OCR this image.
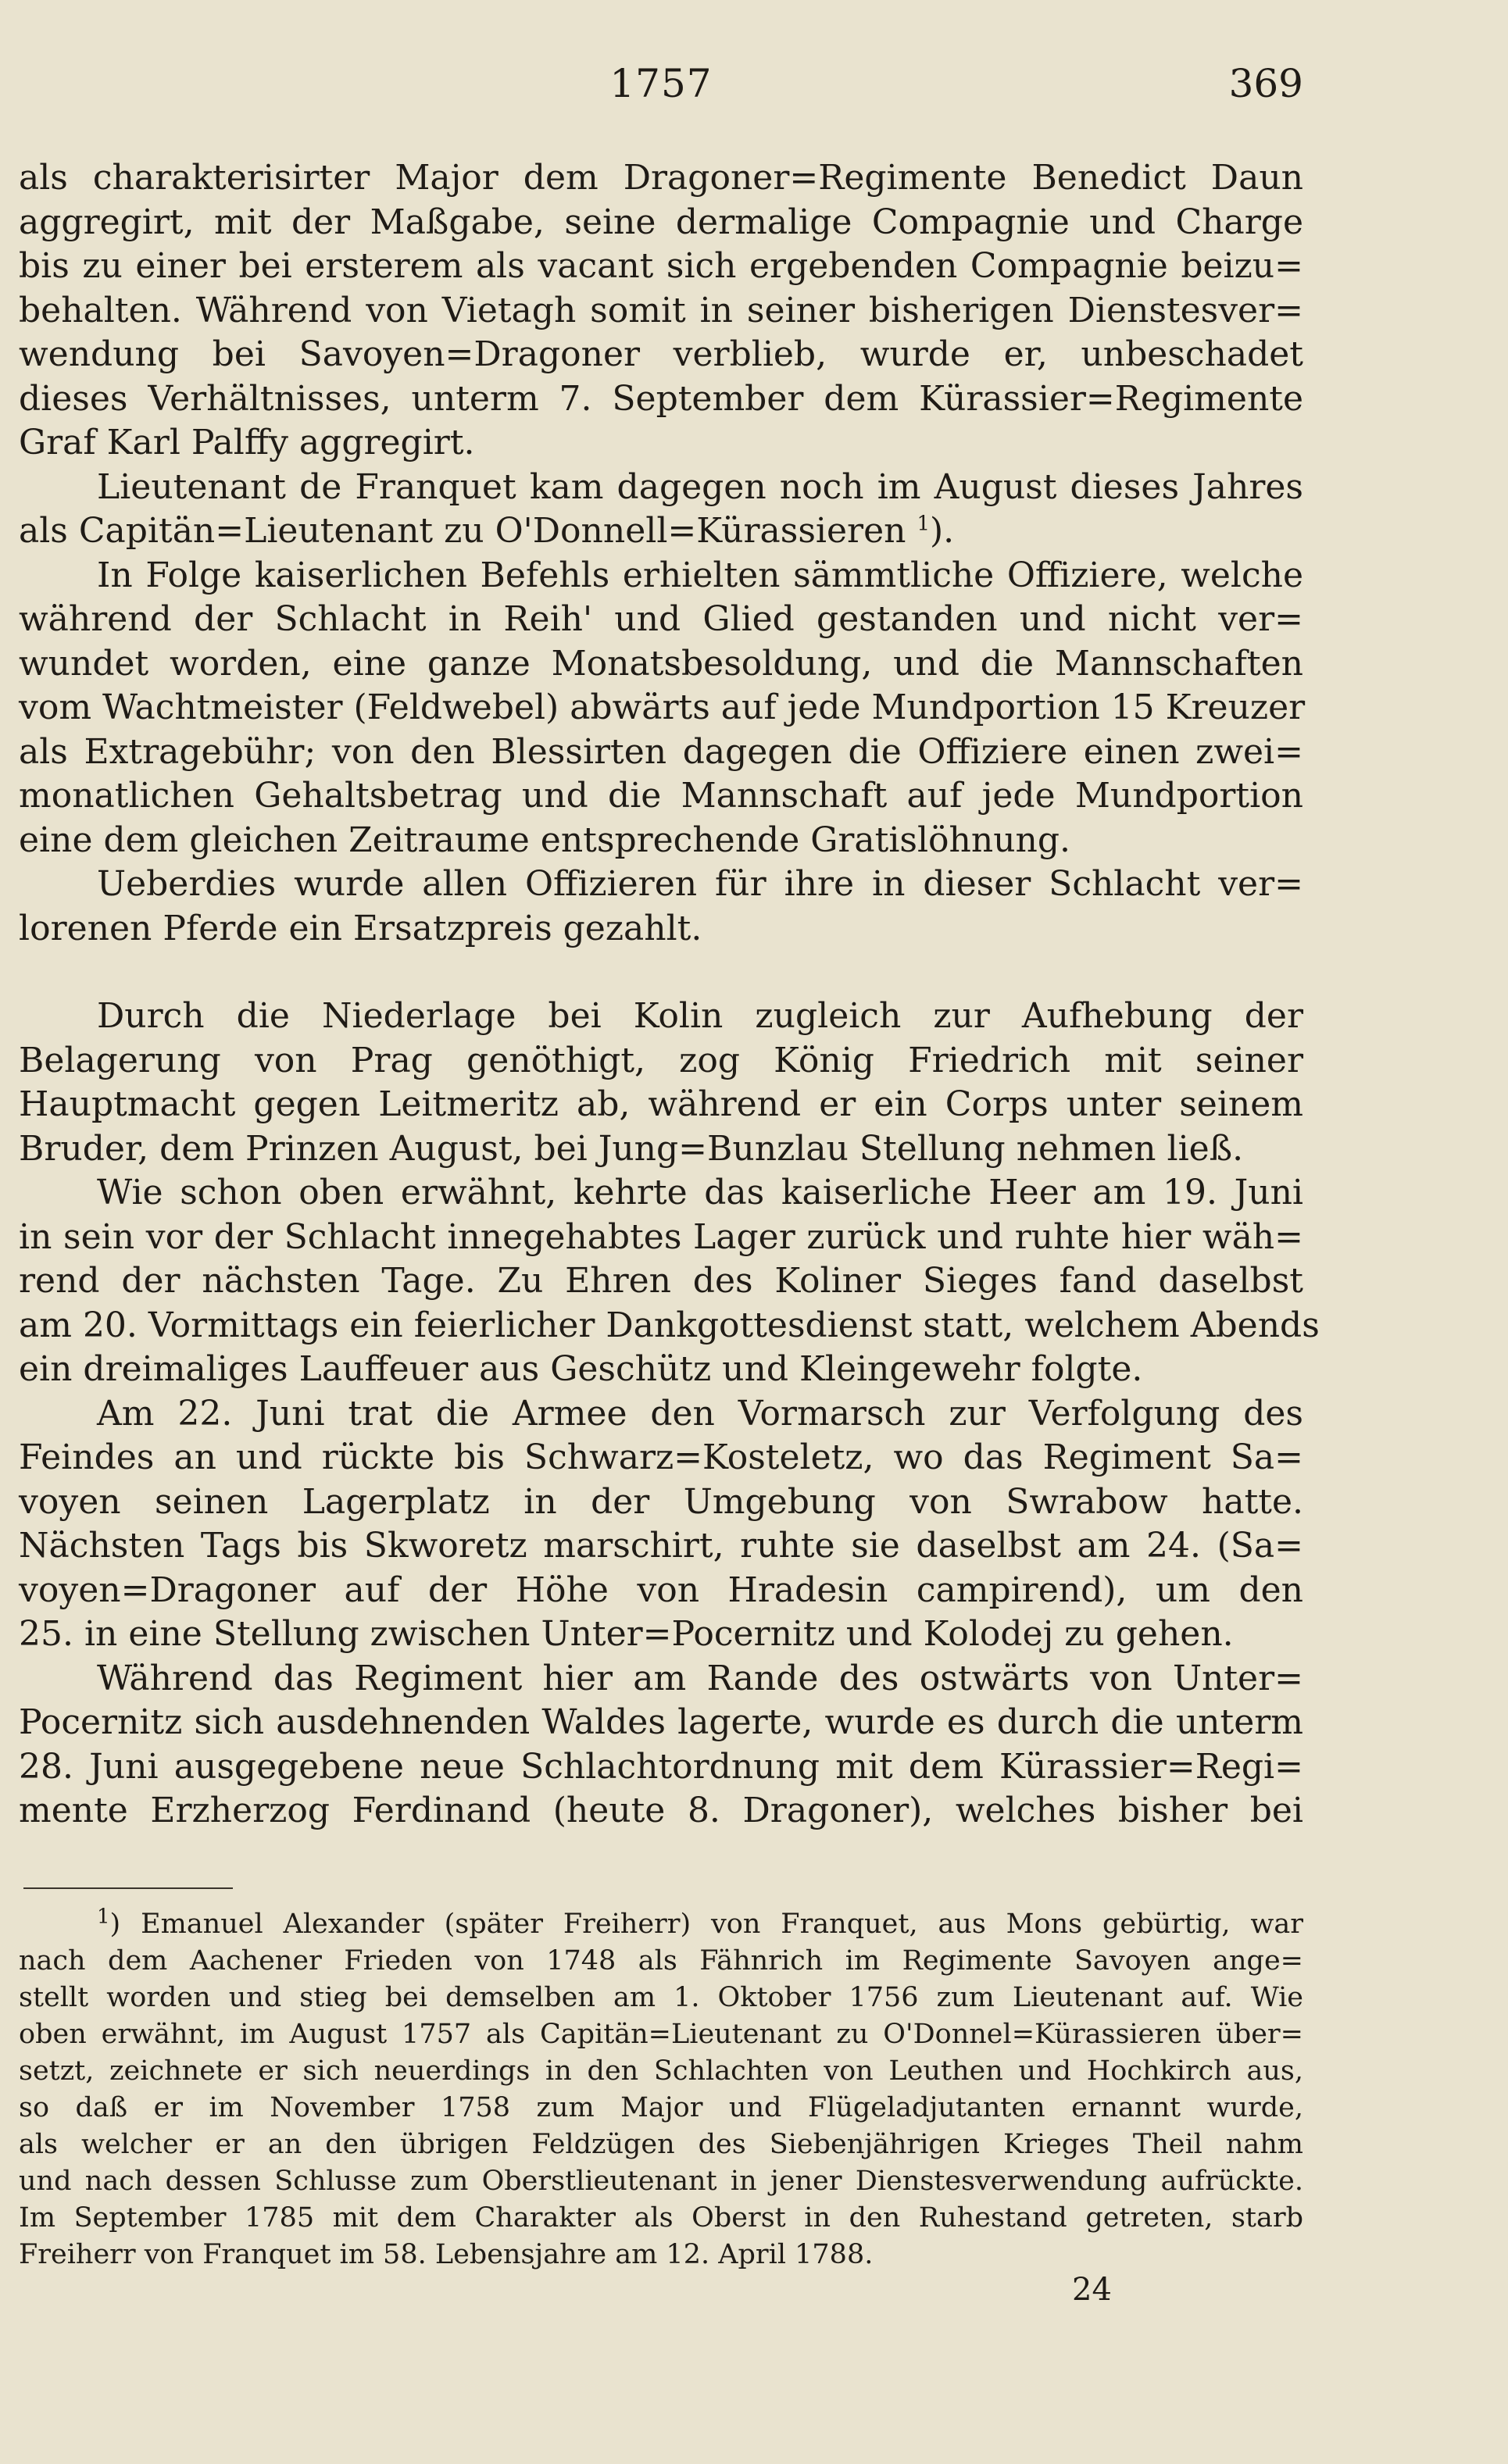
1757	369
als charakterisirter Major dem Dragoner=Regimente Benedict Daun
aggregirt, mit der Maßgabe, seine dermalige Compagnie und Charge
bis zu einer bei ersterem als vacant sich ergebenden Compagnie beizu=
behalten. Während von Vietagh somit in seiner bisherigen Dienstesver=
wendung bei Savoyen=Dragoner verblieb, wurde er, unbeschadet
dieses Verhältnisses, unterm 7. September dem Kürassier=Regimente
Graf Karl Palffy aggregirt.
Lieutenant de Franquet kam dagegen noch im August dieses Jahres
als Capitän=Lieutenant zu O'Donnell=Kürassieren $^1$).
In Folge kaiserlichen Befehls erhielten sämmtliche Offiziere, welche
während der Schlacht in Reih' und Glied gestanden und nicht ver=
wundet worden, eine ganze Monatsbesoldung, und die Mannschaften
vom Wachtmeister (Feldwebel) abwärts auf jede Mundportion 15 Kreuzer
als Extragebühr; von den Blessirten dagegen die Offiziere einen zwei=
monatlichen Gehaltsbetrag und die Mannschaft auf jede Mundportion
eine dem gleichen Zeitraume entsprechende Gratislöhnung.
Ueberdies wurde allen Offizieren für ihre in dieser Schlacht ver=
lorenen Pferde ein Ersatzpreis gezahlt.
Durch die Niederlage bei Kolin zugleich zur Aufhebung der
Belagerung von Prag genöthigt, zog König Friedrich mit seiner
Hauptmacht gegen Leitmeritz ab, während er ein Corps unter seinem
Bruder, dem Prinzen August, bei Jung=Bunzlau Stellung nehmen ließ.
Wie schon oben erwähnt, kehrte das kaiserliche Heer am 19. Juni
in sein vor der Schlacht innegehabtes Lager zurück und ruhte hier wäh=
rend der nächsten Tage. Zu Ehren des Koliner Sieges fand daselbst
am 20. Vormittags ein feierlicher Dankgottesdienst statt, welchem Abends
ein dreimaliges Lauffeuer aus Geschütz und Kleingewehr folgte.
Am 22. Juni trat die Armee den Vormarsch zur Verfolgung des
Feindes an und rückte bis Schwarz=Kosteletz, wo das Regiment Sa=
voyen seinen Lagerplatz in der Umgebung von Swrabow hatte.
Nächsten Tags bis Skworetz marschirt, ruhte sie daselbst am 24. (Sa=
voyen=Dragoner auf der Höhe von Hradesin campirend), um den
25. in eine Stellung zwischen Unter=Pocernitz und Kolodej zu gehen.
Während das Regiment hier am Rande des ostwärts von Unter=
Pocernitz sich ausdehnenden Waldes lagerte, wurde es durch die unterm
28. Juni ausgegebene neue Schlachtordnung mit dem Kürassier=Regi=
mente Erzherzog Ferdinand (heute 8. Dragoner), welches bisher bei
$^1$) Emanuel Alexander (später Freiherr) von Franquet, aus Mons gebürtig, war
nach dem Aachener Frieden von 1748 als Fähnrich im Regimente Savoyen ange=
stellt worden und stieg bei demselben am 1. Oktober 1756 zum Lieutenant auf. Wie
oben erwähnt, im August 1757 als Capitän=Lieutenant zu O'Donnel=Kürassieren über=
setzt, zeichnete er sich neuerdings in den Schlachten von Leuthen und Hochkirch aus,
so daß er im November 1758 zum Major und Flügeladjutanten ernannt wurde,
als welcher er an den übrigen Feldzügen des Siebenjährigen Krieges Theil nahm
und nach dessen Schlusse zum Oberstlieutenant in jener Dienstesverwendung aufrückte.
Im September 1785 mit dem Charakter als Oberst in den Ruhestand getreten, starb
Freiherr von Franquet im 58. Lebensjahre am 12. April 1788.
24
